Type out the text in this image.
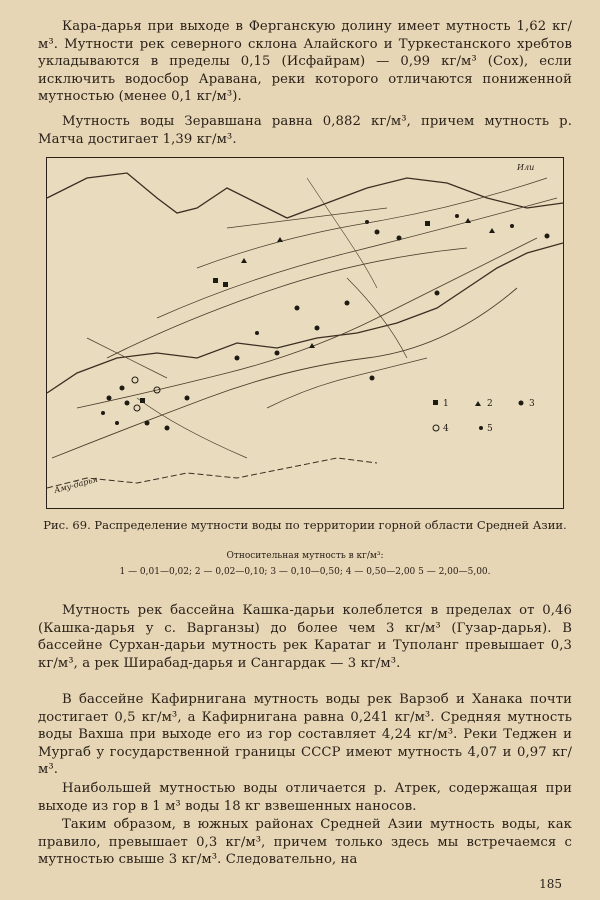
Кара-дарья при выходе в Ферганскую долину имеет мутность 1,62 кг/м³. Мутности рек северного склона Алайского и Туркестанского хребтов укладываются в пределы 0,15 (Исфайрам) — 0,99 кг/м³ (Сох), если исключить водосбор Аравана, реки которого отличаются пониженной мутностью (менее 0,1 кг/м³).

Мутность воды Зеравшана равна 0,882 кг/м³, причем мутность р. Матча достигает 1,39 кг/м³.

Или
Аму-дарья
1	2	3
4	5
Рис. 69. Распределение мутности воды по территории горной области Средней Азии.
Относительная мутность в кг/м³:
1 — 0,01—0,02; 2 — 0,02—0,10; 3 — 0,10—0,50; 4 — 0,50—2,00 5 — 2,00—5,00.

Мутность рек бассейна Кашка-дарьи колеблется в пределах от 0,46 (Кашка-дарья у с. Варганзы) до более чем 3 кг/м³ (Гузар-дарья). В бассейне Сурхан-дарьи мутность рек Каратаг и Туполанг превышает 0,3 кг/м³, а рек Ширабад-дарья и Сангардак — 3 кг/м³.

В бассейне Кафирнигана мутность воды рек Варзоб и Ханака почти достигает 0,5 кг/м³, а Кафирнигана равна 0,241 кг/м³. Средняя мутность воды Вахша при выходе его из гор составляет 4,24 кг/м³. Реки Теджен и Мургаб у государственной границы СССР имеют мутность 4,07 и 0,97 кг/м³.

Наибольшей мутностью воды отличается р. Атрек, содержащая при выходе из гор в 1 м³ воды 18 кг взвешенных наносов.

Таким образом, в южных районах Средней Азии мутность воды, как правило, превышает 0,3 кг/м³, причем только здесь мы встречаемся с мутностью свыше 3 кг/м³. Следовательно, на

185
